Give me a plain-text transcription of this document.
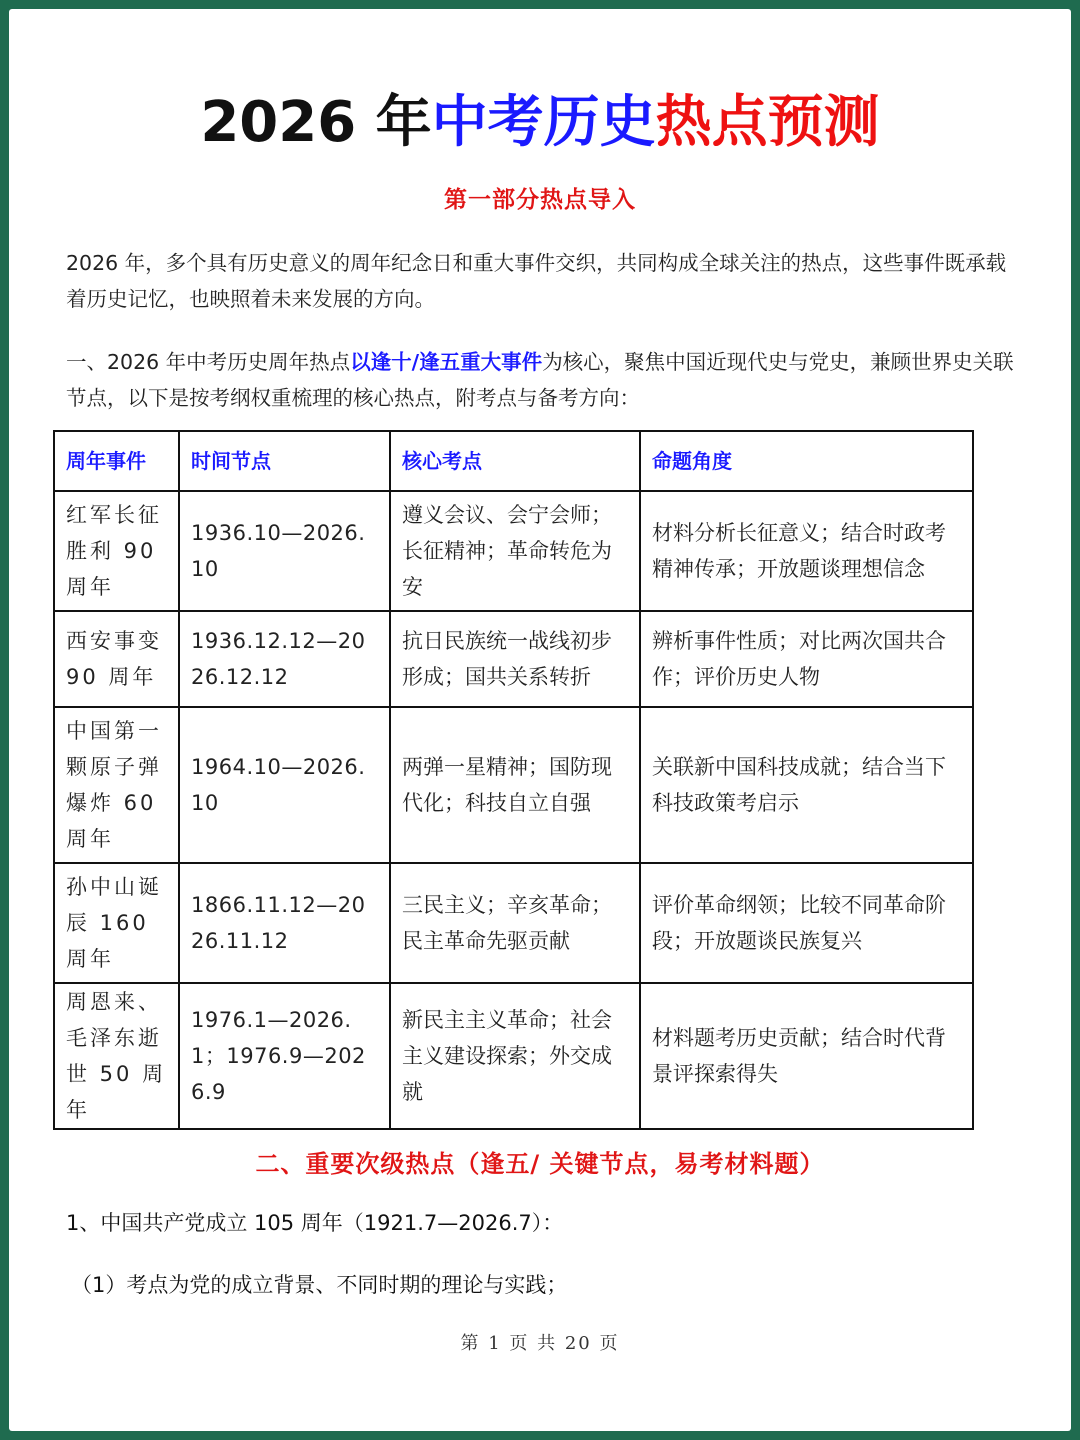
2026 年中考历史热点预测
第一部分热点导入
2026 年，多个具有历史意义的周年纪念日和重大事件交织，共同构成全球关注的热点，这些事件既承载着历史记忆，也映照着未来发展的方向。
一、2026 年中考历史周年热点以逢十/逢五重大事件为核心，聚焦中国近现代史与党史，兼顾世界史关联节点，以下是按考纲权重梳理的核心热点，附考点与备考方向：
周年事件	时间节点	核心考点	命题角度
红军长征胜利 90 周年	1936.10—2026.10	遵义会议、会宁会师；长征精神；革命转危为安	材料分析长征意义；结合时政考精神传承；开放题谈理想信念
西安事变 90 周年	1936.12.12—2026.12.12	抗日民族统一战线初步形成；国共关系转折	辨析事件性质；对比两次国共合作；评价历史人物
中国第一颗原子弹爆炸 60 周年	1964.10—2026.10	两弹一星精神；国防现代化；科技自立自强	关联新中国科技成就；结合当下科技政策考启示
孙中山诞辰 160 周年	1866.11.12—2026.11.12	三民主义；辛亥革命；民主革命先驱贡献	评价革命纲领；比较不同革命阶段；开放题谈民族复兴
周恩来、毛泽东逝世 50 周年	1976.1—2026.1；1976.9—2026.9	新民主主义革命；社会主义建设探索；外交成就	材料题考历史贡献；结合时代背景评探索得失
二、重要次级热点（逢五/ 关键节点，易考材料题）
1、中国共产党成立 105 周年（1921.7—2026.7）：
（1）考点为党的成立背景、不同时期的理论与实践；
第 1 页 共 20 页
